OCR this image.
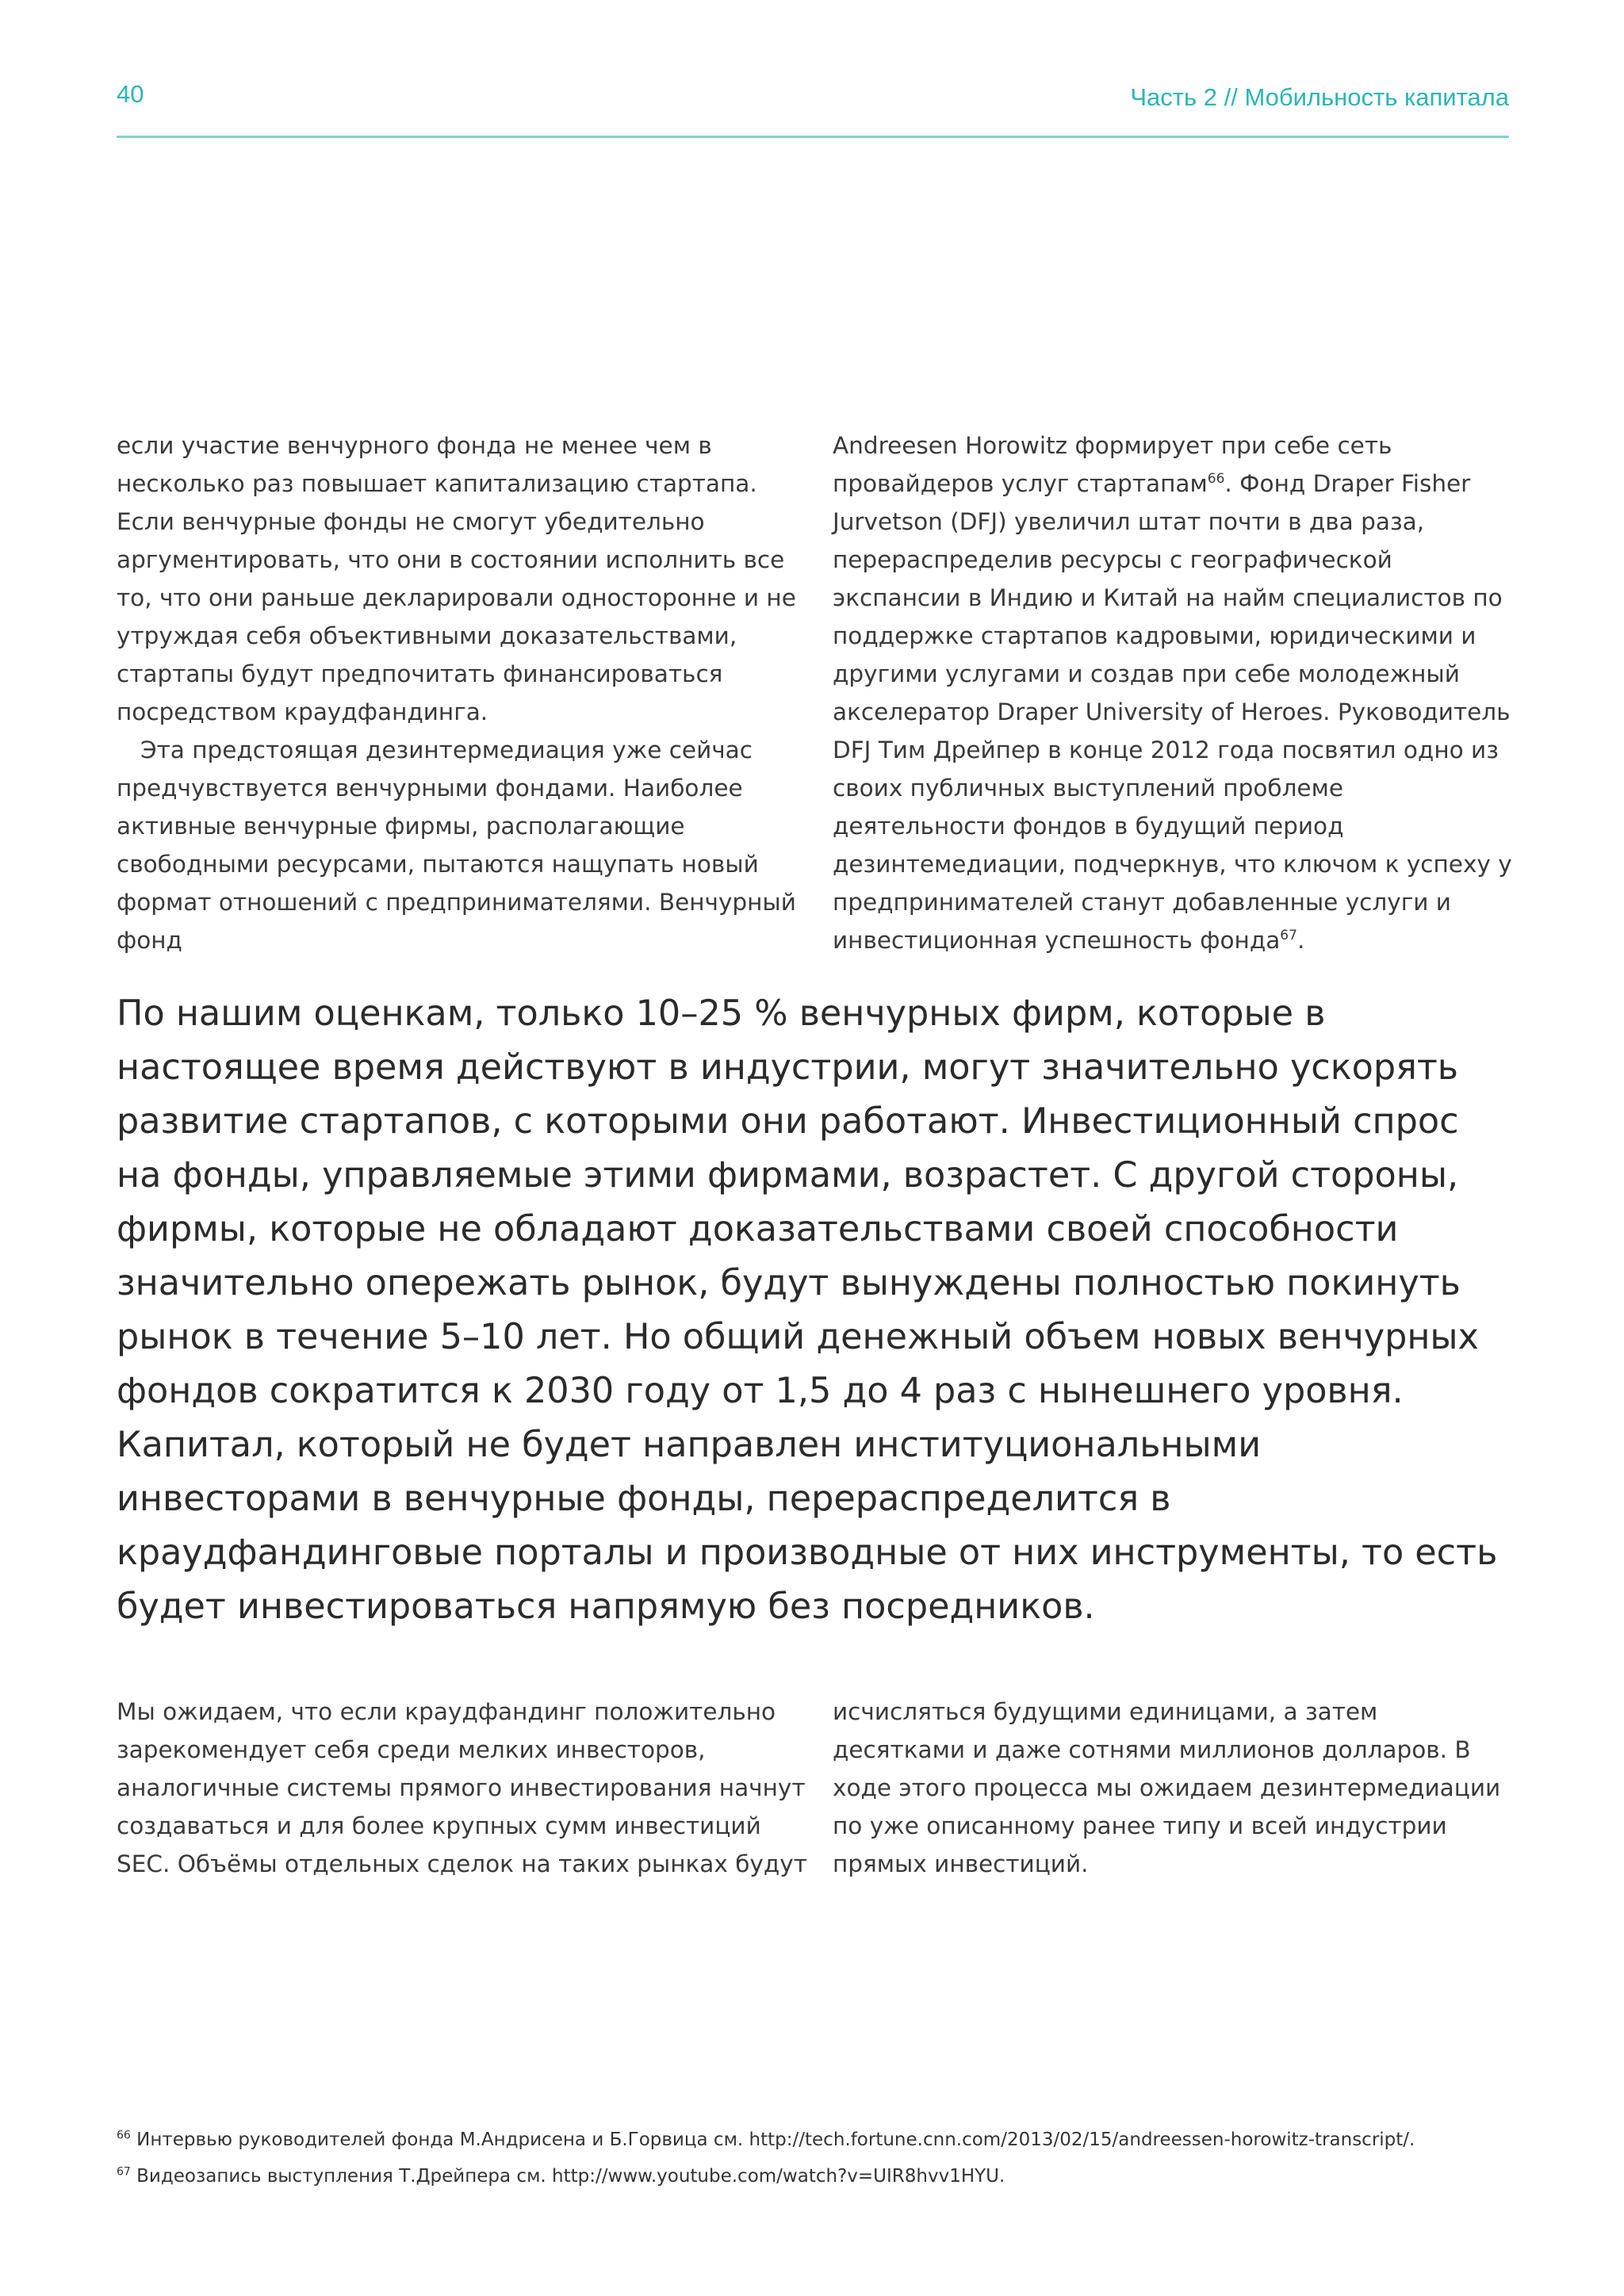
40	Часть 2 // Мобильность капитала

если участие венчурного фонда не менее чем в несколько раз повышает капитализацию стартапа. Если венчурные фонды не смогут убедительно аргументировать, что они в состоянии исполнить все то, что они раньше декларировали односторонне и не утруждая себя объективными доказательствами, стартапы будут предпочитать финансироваться посредством краудфандинга.

Эта предстоящая дезинтермедиация уже сейчас предчувствуется венчурными фондами. Наиболее активные венчурные фирмы, располагающие свободными ресурсами, пытаются нащупать новый формат отношений с предпринимателями. Венчурный фонд

Andreesen Horowitz формирует при себе сеть провайдеров услуг стартапам$^{66}$. Фонд Draper Fisher Jurvetson (DFJ) увеличил штат почти в два раза, перераспределив ресурсы с географической экспансии в Индию и Китай на найм специалистов по поддержке стартапов кадровыми, юридическими и другими услугами и создав при себе молодежный акселератор Draper University of Heroes. Руководитель DFJ Тим Дрейпер в конце 2012 года посвятил одно из своих публичных выступлений проблеме деятельности фондов в будущий период дезинтемедиации, подчеркнув, что ключом к успеху у предпринимателей станут добавленные услуги и инвестиционная успешность фонда$^{67}$.

По нашим оценкам, только 10–25 % венчурных фирм, которые в настоящее время действуют в индустрии, могут значительно ускорять развитие стартапов, с которыми они работают. Инвестиционный спрос на фонды, управляемые этими фирмами, возрастет. С другой стороны, фирмы, которые не обладают доказательствами своей способности значительно опережать рынок, будут вынуждены полностью покинуть рынок в течение 5–10 лет. Но общий денежный объем новых венчурных фондов сократится к 2030 году от 1,5 до 4 раз с нынешнего уровня. Капитал, который не будет направлен институциональными инвесторами в венчурные фонды, перераспределится в краудфандинговые порталы и производные от них инструменты, то есть будет инвестироваться напрямую без посредников.

Мы ожидаем, что если краудфандинг положительно зарекомендует себя среди мелких инвесторов, аналогичные системы прямого инвестирования начнут создаваться и для более крупных сумм инвестиций SEC. Объёмы отдельных сделок на таких рынках будут

исчисляться будущими единицами, а затем десятками и даже сотнями миллионов долларов. В ходе этого процесса мы ожидаем дезинтермедиации по уже описанному ранее типу и всей индустрии прямых инвестиций.

$^{66}$ Интервью руководителей фонда М.Андрисена и Б.Горвица см. http://tech.fortune.cnn.com/2013/02/15/andreessen-horowitz-transcript/.

$^{67}$ Видеозапись выступления Т.Дрейпера см. http://www.youtube.com/watch?v=UIR8hvv1HYU.
